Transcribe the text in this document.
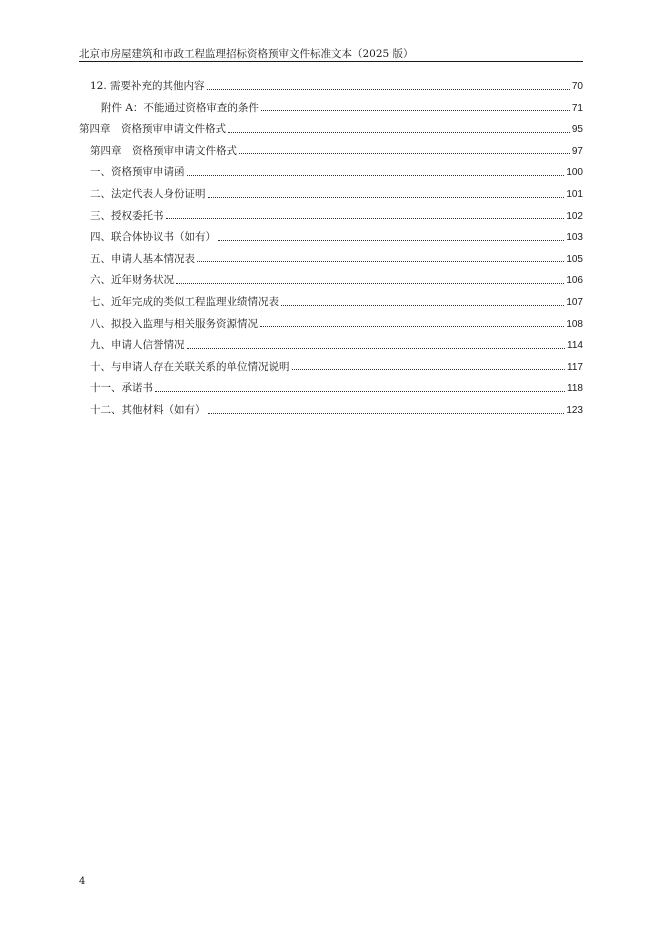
北京市房屋建筑和市政工程监理招标资格预审文件标准文本（2025 版）
12. 需要补充的其他内容	70
附件 A：不能通过资格审查的条件	71
第四章　资格预审申请文件格式	95
第四章　资格预审申请文件格式	97
一、资格预审申请函	100
二、法定代表人身份证明	101
三、授权委托书	102
四、联合体协议书（如有）	103
五、申请人基本情况表	105
六、近年财务状况	106
七、近年完成的类似工程监理业绩情况表	107
八、拟投入监理与相关服务资源情况	108
九、申请人信誉情况	114
十、与申请人存在关联关系的单位情况说明	117
十一、承诺书	118
十二、其他材料（如有）	123
4
